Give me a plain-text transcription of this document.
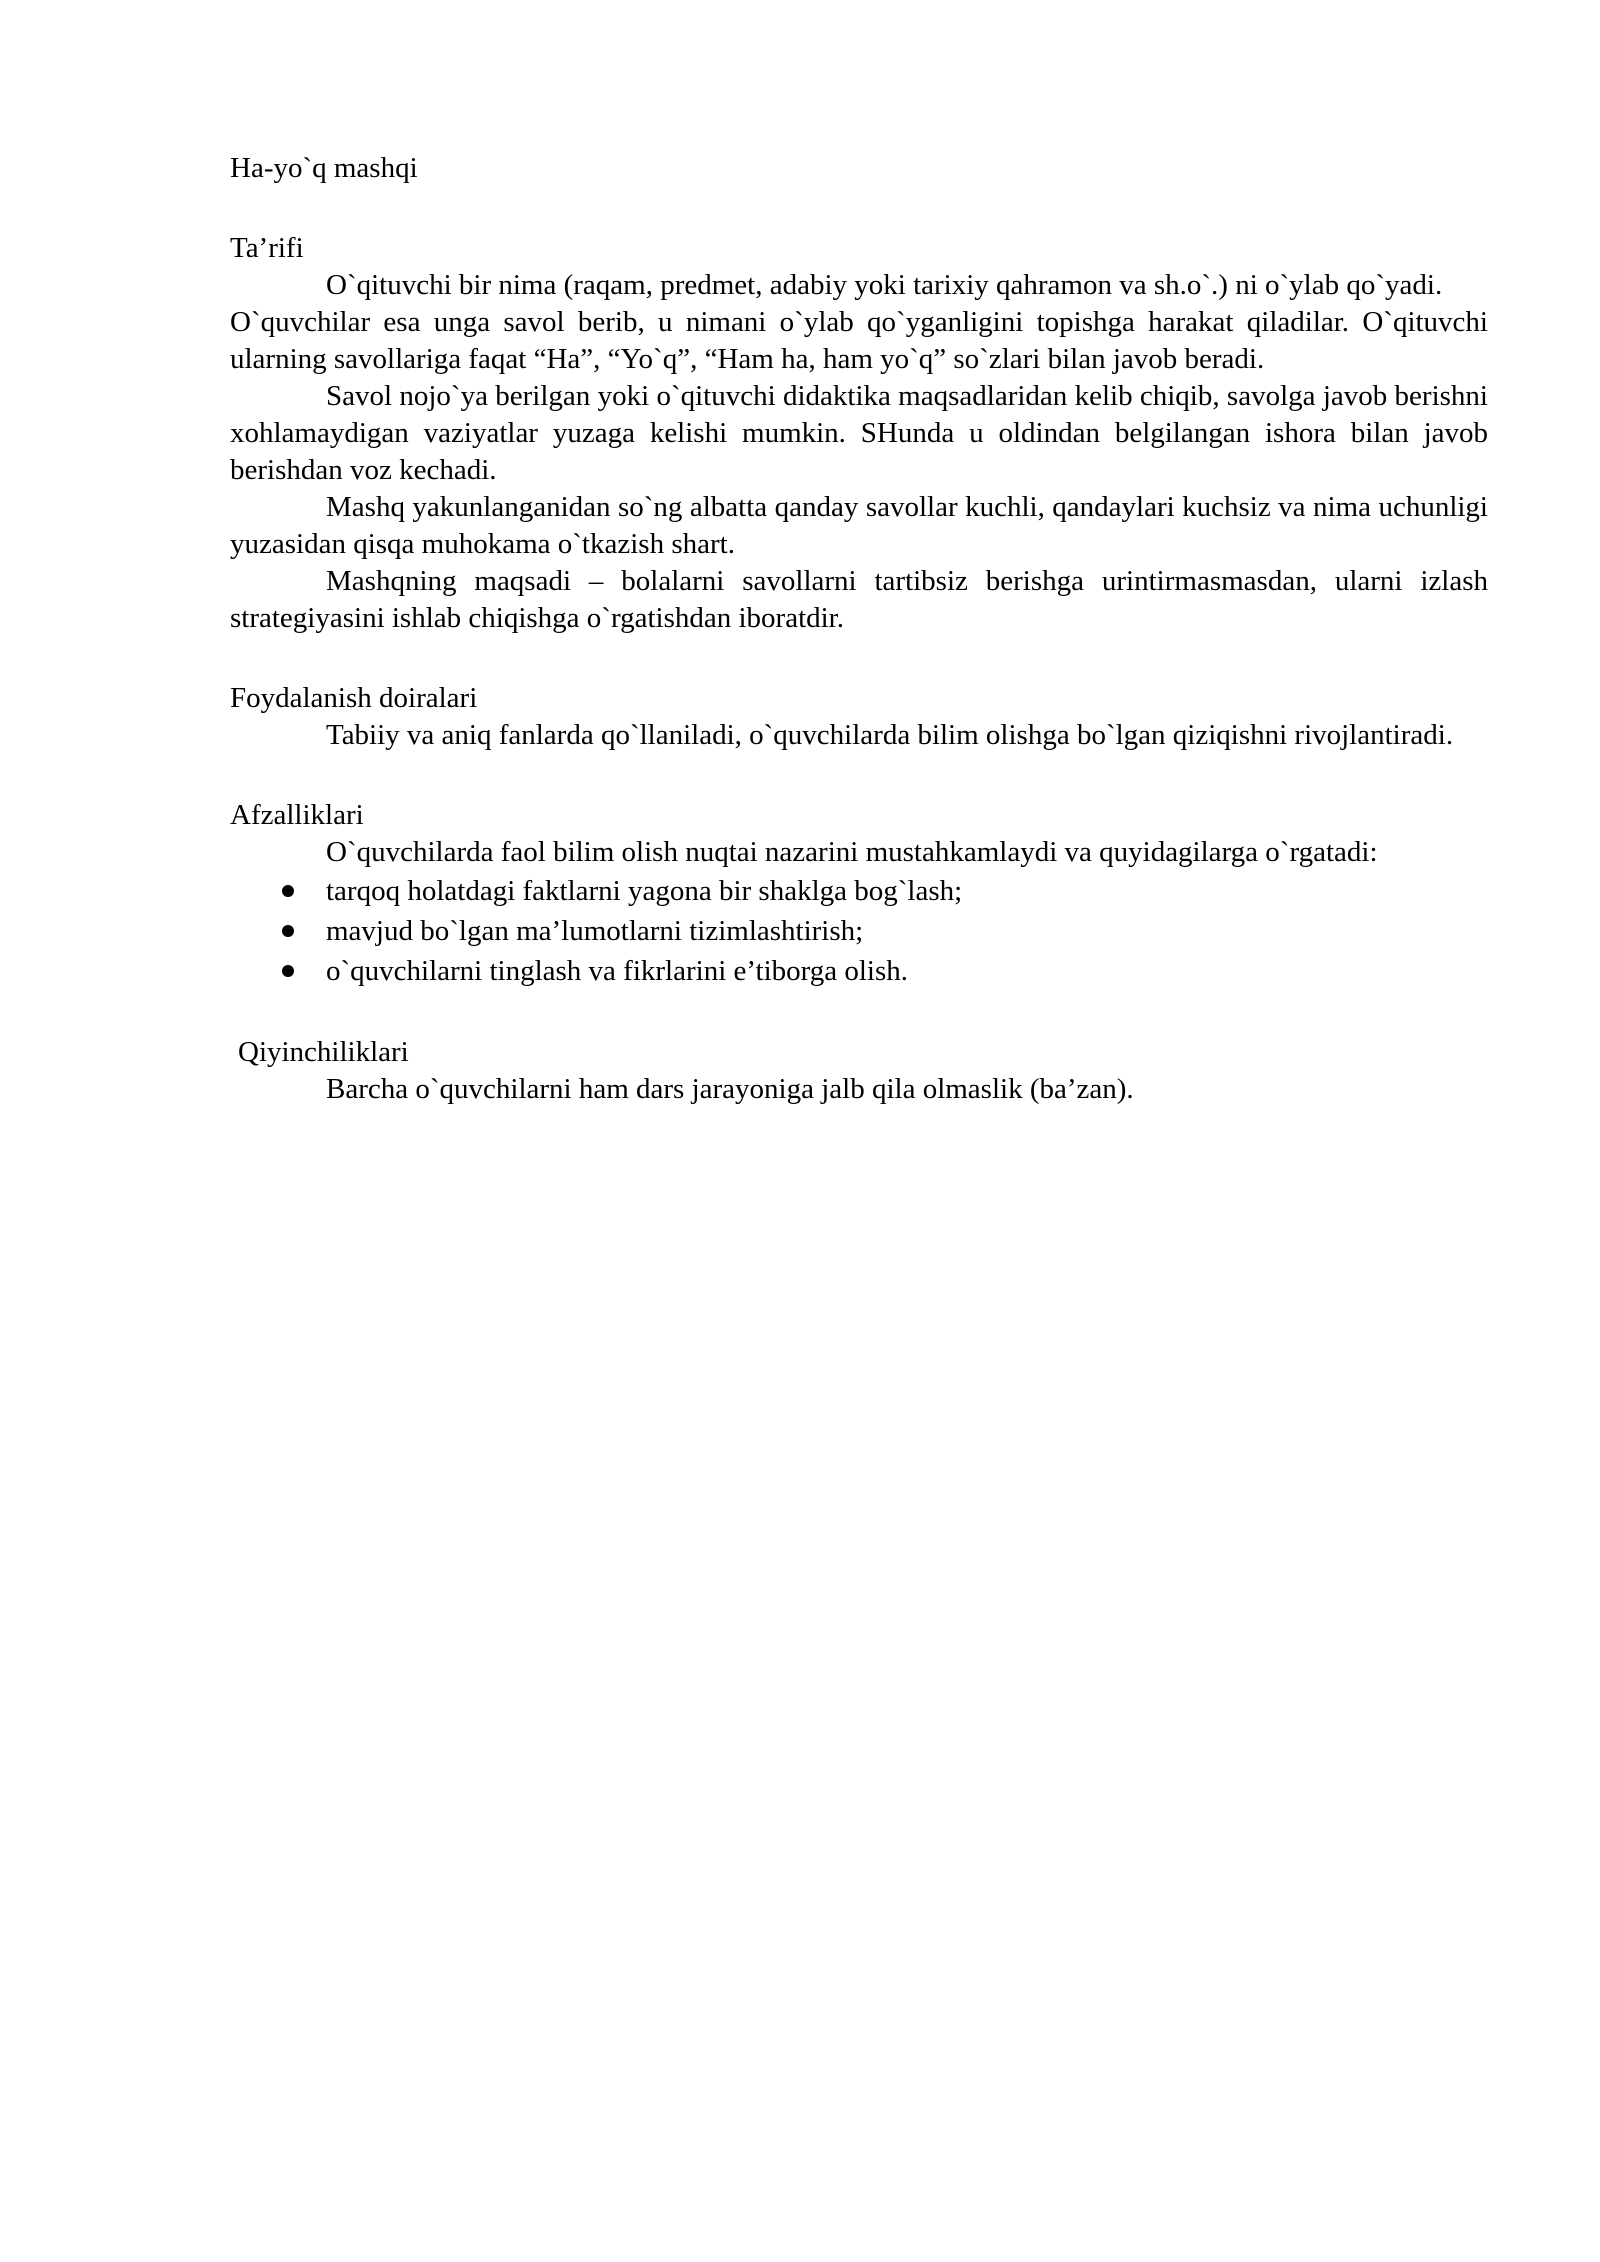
Ha-yo`q mashqi

Ta’rifi

O`qituvchi bir nima (raqam, predmet, adabiy yoki tarixiy qahramon va sh.o`.) ni o`ylab qo`yadi.

O`quvchilar esa unga savol berib, u nimani o`ylab qo`yganligini topishga harakat qiladilar. O`qituvchi ularning savollariga faqat “Ha”, “Yo`q”, “Ham ha, ham yo`q” so`zlari bilan javob beradi.

Savol nojo`ya berilgan yoki o`qituvchi didaktika maqsadlaridan kelib chiqib, savolga javob berishni xohlamaydigan vaziyatlar yuzaga kelishi mumkin. SHunda u oldindan belgilangan ishora bilan javob berishdan voz kechadi.

Mashq yakunlanganidan so`ng albatta qanday savollar kuchli, qandaylari kuchsiz va nima uchunligi yuzasidan qisqa muhokama o`tkazish shart.

Mashqning maqsadi – bolalarni savollarni tartibsiz berishga urintirmasmasdan, ularni izlash strategiyasini ishlab chiqishga o`rgatishdan iboratdir.

Foydalanish doiralari

Tabiiy va aniq fanlarda qo`llaniladi, o`quvchilarda bilim olishga bo`lgan qiziqishni rivojlantiradi.

Afzalliklari

O`quvchilarda faol bilim olish nuqtai nazarini mustahkamlaydi va quyidagilarga o`rgatadi:

tarqoq holatdagi faktlarni yagona bir shaklga bog`lash;
mavjud bo`lgan ma’lumotlarni tizimlashtirish;
o`quvchilarni tinglash va fikrlarini e’tiborga olish.

Qiyinchiliklari

Barcha o`quvchilarni ham dars jarayoniga jalb qila olmaslik (ba’zan).
